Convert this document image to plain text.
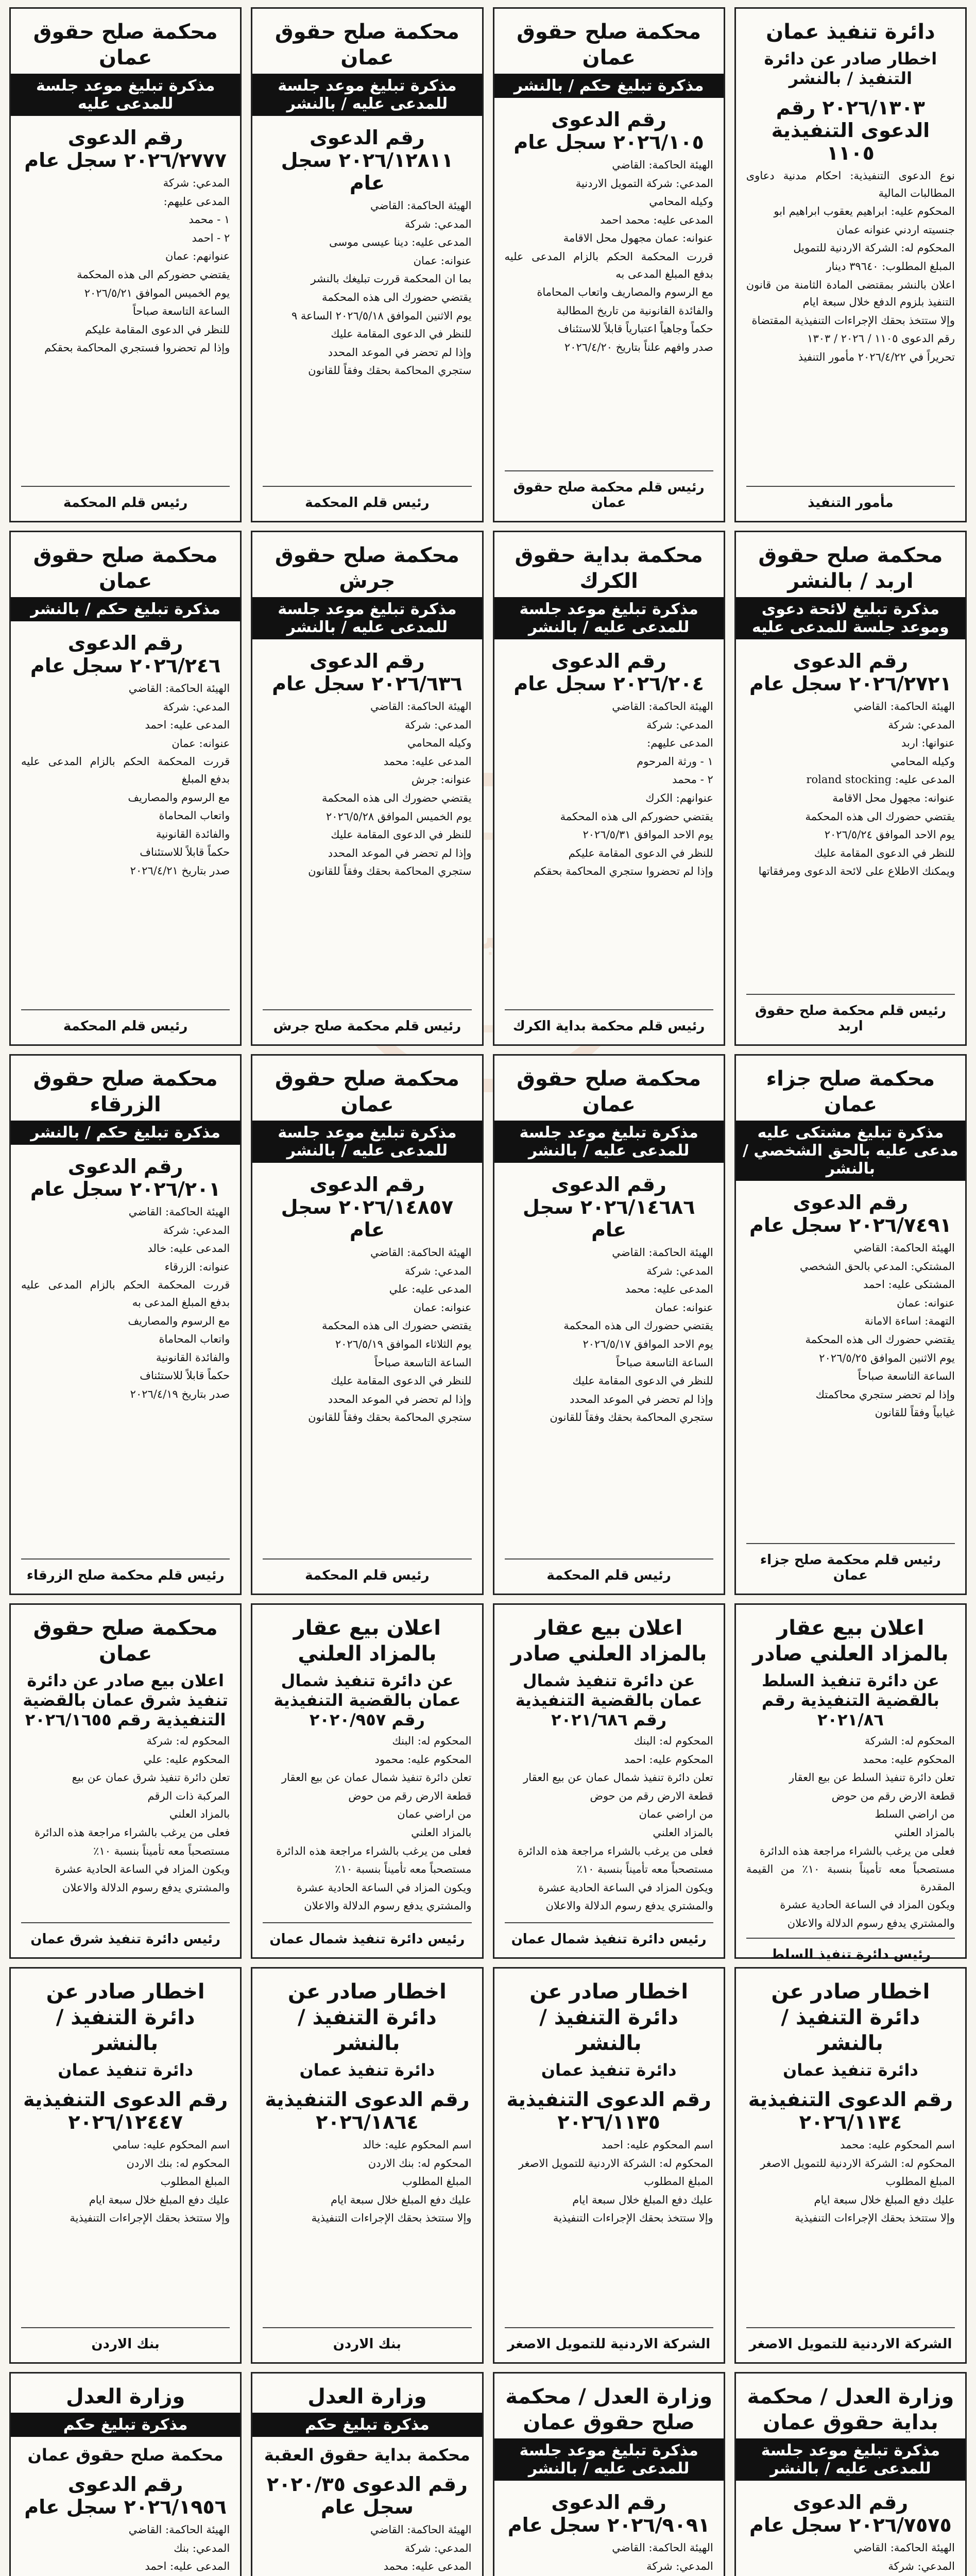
الأخبارية
دائرة تنفيذ عمان
اخطار صادر عن دائرة التنفيذ / بالنشر
٢٠٢٦/١٣٠٣ رقم الدعوى التنفيذية ١١٠٥
نوع الدعوى التنفيذية: احكام مدنية دعاوى المطالبات المالية
المحكوم عليه: ابراهيم يعقوب ابراهيم ابو
جنسيته اردني عنوانه عمان
المحكوم له: الشركة الاردنية للتمويل
المبلغ المطلوب: ٣٩٦٤٠ دينار
اعلان بالنشر بمقتضى المادة الثامنة من قانون التنفيذ بلزوم الدفع خلال سبعة ايام
وإلا ستتخذ بحقك الإجراءات التنفيذية المقتضاة
رقم الدعوى ١١٠٥ / ٢٠٢٦ / ١٣٠٣
تحريراً في ٢٠٢٦/٤/٢٢ مأمور التنفيذ
مأمور التنفيذ
محكمة صلح حقوق عمان
مذكرة تبليغ حكم / بالنشر
رقم الدعوى ٢٠٢٦/١٠٥ سجل عام
الهيئة الحاكمة: القاضي
المدعي: شركة التمويل الاردنية
وكيله المحامي
المدعى عليه: محمد احمد
عنوانه: عمان مجهول محل الاقامة
قررت المحكمة الحكم بالزام المدعى عليه بدفع المبلغ المدعى به
مع الرسوم والمصاريف واتعاب المحاماة
والفائدة القانونية من تاريخ المطالبة
حكماً وجاهياً اعتبارياً قابلاً للاستئناف
صدر وافهم علناً بتاريخ ٢٠٢٦/٤/٢٠
رئيس قلم محكمة صلح حقوق عمان
محكمة صلح حقوق عمان
مذكرة تبليغ موعد جلسة للمدعى عليه / بالنشر
رقم الدعوى ٢٠٢٦/١٢٨١١ سجل عام
الهيئة الحاكمة: القاضي
المدعي: شركة
المدعى عليه: دينا عيسى موسى
عنوانه: عمان
بما ان المحكمة قررت تبليغك بالنشر
يقتضي حضورك الى هذه المحكمة
يوم الاثنين الموافق ٢٠٢٦/٥/١٨ الساعة ٩
للنظر في الدعوى المقامة عليك
وإذا لم تحضر في الموعد المحدد
ستجري المحاكمة بحقك وفقاً للقانون
رئيس قلم المحكمة
محكمة صلح حقوق عمان
مذكرة تبليغ موعد جلسة للمدعى عليه
رقم الدعوى ٢٠٢٦/٢٧٧٧ سجل عام
المدعي: شركة
المدعى عليهم:
١ - محمد
٢ - احمد
عنوانهم: عمان
يقتضي حضوركم الى هذه المحكمة
يوم الخميس الموافق ٢٠٢٦/٥/٢١
الساعة التاسعة صباحاً
للنظر في الدعوى المقامة عليكم
وإذا لم تحضروا فستجري المحاكمة بحقكم
رئيس قلم المحكمة
محكمة صلح حقوق اربد / بالنشر
مذكرة تبليغ لائحة دعوى وموعد جلسة للمدعى عليه
رقم الدعوى ٢٠٢٦/٢٧٢١ سجل عام
الهيئة الحاكمة: القاضي
المدعي: شركة
عنوانها: اربد
وكيله المحامي
المدعى عليه: roland stocking
عنوانه: مجهول محل الاقامة
يقتضي حضورك الى هذه المحكمة
يوم الاحد الموافق ٢٠٢٦/٥/٢٤
للنظر في الدعوى المقامة عليك
ويمكنك الاطلاع على لائحة الدعوى ومرفقاتها
رئيس قلم محكمة صلح حقوق اربد
محكمة بداية حقوق الكرك
مذكرة تبليغ موعد جلسة للمدعى عليه / بالنشر
رقم الدعوى ٢٠٢٦/٢٠٤ سجل عام
الهيئة الحاكمة: القاضي
المدعي: شركة
المدعى عليهم:
١ - ورثة المرحوم
٢ - محمد
عنوانهم: الكرك
يقتضي حضوركم الى هذه المحكمة
يوم الاحد الموافق ٢٠٢٦/٥/٣١
للنظر في الدعوى المقامة عليكم
وإذا لم تحضروا ستجري المحاكمة بحقكم
رئيس قلم محكمة بداية الكرك
محكمة صلح حقوق جرش
مذكرة تبليغ موعد جلسة للمدعى عليه / بالنشر
رقم الدعوى ٢٠٢٦/٦٣٦ سجل عام
الهيئة الحاكمة: القاضي
المدعي: شركة
وكيله المحامي
المدعى عليه: محمد
عنوانه: جرش
يقتضي حضورك الى هذه المحكمة
يوم الخميس الموافق ٢٠٢٦/٥/٢٨
للنظر في الدعوى المقامة عليك
وإذا لم تحضر في الموعد المحدد
ستجري المحاكمة بحقك وفقاً للقانون
رئيس قلم محكمة صلح جرش
محكمة صلح حقوق عمان
مذكرة تبليغ حكم / بالنشر
رقم الدعوى ٢٠٢٦/٢٤٦ سجل عام
الهيئة الحاكمة: القاضي
المدعي: شركة
المدعى عليه: احمد
عنوانه: عمان
قررت المحكمة الحكم بالزام المدعى عليه بدفع المبلغ
مع الرسوم والمصاريف
واتعاب المحاماة
والفائدة القانونية
حكماً قابلاً للاستئناف
صدر بتاريخ ٢٠٢٦/٤/٢١
رئيس قلم المحكمة
محكمة صلح جزاء عمان
مذكرة تبليغ مشتكى عليه مدعى عليه بالحق الشخصي / بالنشر
رقم الدعوى ٢٠٢٦/٧٤٩١ سجل عام
الهيئة الحاكمة: القاضي
المشتكي: المدعي بالحق الشخصي
المشتكى عليه: احمد
عنوانه: عمان
التهمة: اساءة الامانة
يقتضي حضورك الى هذه المحكمة
يوم الاثنين الموافق ٢٠٢٦/٥/٢٥
الساعة التاسعة صباحاً
وإذا لم تحضر ستجري محاكمتك
غيابياً وفقاً للقانون
رئيس قلم محكمة صلح جزاء عمان
محكمة صلح حقوق عمان
مذكرة تبليغ موعد جلسة للمدعى عليه / بالنشر
رقم الدعوى ٢٠٢٦/١٤٦٨٦ سجل عام
الهيئة الحاكمة: القاضي
المدعي: شركة
المدعى عليه: محمد
عنوانه: عمان
يقتضي حضورك الى هذه المحكمة
يوم الاحد الموافق ٢٠٢٦/٥/١٧
الساعة التاسعة صباحاً
للنظر في الدعوى المقامة عليك
وإذا لم تحضر في الموعد المحدد
ستجري المحاكمة بحقك وفقاً للقانون
رئيس قلم المحكمة
محكمة صلح حقوق عمان
مذكرة تبليغ موعد جلسة للمدعى عليه / بالنشر
رقم الدعوى ٢٠٢٦/١٤٨٥٧ سجل عام
الهيئة الحاكمة: القاضي
المدعي: شركة
المدعى عليه: علي
عنوانه: عمان
يقتضي حضورك الى هذه المحكمة
يوم الثلاثاء الموافق ٢٠٢٦/٥/١٩
الساعة التاسعة صباحاً
للنظر في الدعوى المقامة عليك
وإذا لم تحضر في الموعد المحدد
ستجري المحاكمة بحقك وفقاً للقانون
رئيس قلم المحكمة
محكمة صلح حقوق الزرقاء
مذكرة تبليغ حكم / بالنشر
رقم الدعوى ٢٠٢٦/٢٠١ سجل عام
الهيئة الحاكمة: القاضي
المدعي: شركة
المدعى عليه: خالد
عنوانه: الزرقاء
قررت المحكمة الحكم بالزام المدعى عليه بدفع المبلغ المدعى به
مع الرسوم والمصاريف
واتعاب المحاماة
والفائدة القانونية
حكماً قابلاً للاستئناف
صدر بتاريخ ٢٠٢٦/٤/١٩
رئيس قلم محكمة صلح الزرقاء
اعلان بيع عقار بالمزاد العلني صادر
عن دائرة تنفيذ السلط بالقضية التنفيذية رقم ٢٠٢١/٨٦
المحكوم له: الشركة
المحكوم عليه: محمد
تعلن دائرة تنفيذ السلط عن بيع العقار
قطعة الارض رقم من حوض
من اراضي السلط
بالمزاد العلني
فعلى من يرغب بالشراء مراجعة هذه الدائرة
مستصحباً معه تأميناً بنسبة ١٠٪ من القيمة المقدرة
ويكون المزاد في الساعة الحادية عشرة
والمشتري يدفع رسوم الدلالة والاعلان
رئيس دائرة تنفيذ السلط
اعلان بيع عقار بالمزاد العلني صادر
عن دائرة تنفيذ شمال عمان بالقضية التنفيذية رقم ٢٠٢١/٦٨٦
المحكوم له: البنك
المحكوم عليه: احمد
تعلن دائرة تنفيذ شمال عمان عن بيع العقار
قطعة الارض رقم من حوض
من اراضي عمان
بالمزاد العلني
فعلى من يرغب بالشراء مراجعة هذه الدائرة
مستصحباً معه تأميناً بنسبة ١٠٪
ويكون المزاد في الساعة الحادية عشرة
والمشتري يدفع رسوم الدلالة والاعلان
رئيس دائرة تنفيذ شمال عمان
اعلان بيع عقار بالمزاد العلني
عن دائرة تنفيذ شمال عمان بالقضية التنفيذية رقم ٢٠٢٠/٩٥٧
المحكوم له: البنك
المحكوم عليه: محمود
تعلن دائرة تنفيذ شمال عمان عن بيع العقار
قطعة الارض رقم من حوض
من اراضي عمان
بالمزاد العلني
فعلى من يرغب بالشراء مراجعة هذه الدائرة
مستصحباً معه تأميناً بنسبة ١٠٪
ويكون المزاد في الساعة الحادية عشرة
والمشتري يدفع رسوم الدلالة والاعلان
رئيس دائرة تنفيذ شمال عمان
محكمة صلح حقوق عمان
اعلان بيع صادر عن دائرة تنفيذ شرق عمان بالقضية التنفيذية رقم ٢٠٢٦/١٦٥٥
المحكوم له: شركة
المحكوم عليه: علي
تعلن دائرة تنفيذ شرق عمان عن بيع
المركبة ذات الرقم
بالمزاد العلني
فعلى من يرغب بالشراء مراجعة هذه الدائرة
مستصحباً معه تأميناً بنسبة ١٠٪
ويكون المزاد في الساعة الحادية عشرة
والمشتري يدفع رسوم الدلالة والاعلان
رئيس دائرة تنفيذ شرق عمان
اخطار صادر عن دائرة التنفيذ / بالنشر
دائرة تنفيذ عمان
رقم الدعوى التنفيذية ٢٠٢٦/١١٣٤
اسم المحكوم عليه: محمد
المحكوم له: الشركة الاردنية للتمويل الاصغر
المبلغ المطلوب
عليك دفع المبلغ خلال سبعة ايام
وإلا ستتخذ بحقك الإجراءات التنفيذية
الشركة الاردنية للتمويل الاصغر
اخطار صادر عن دائرة التنفيذ / بالنشر
دائرة تنفيذ عمان
رقم الدعوى التنفيذية ٢٠٢٦/١١٣٥
اسم المحكوم عليه: احمد
المحكوم له: الشركة الاردنية للتمويل الاصغر
المبلغ المطلوب
عليك دفع المبلغ خلال سبعة ايام
وإلا ستتخذ بحقك الإجراءات التنفيذية
الشركة الاردنية للتمويل الاصغر
اخطار صادر عن دائرة التنفيذ / بالنشر
دائرة تنفيذ عمان
رقم الدعوى التنفيذية ٢٠٢٦/١٨٦٤
اسم المحكوم عليه: خالد
المحكوم له: بنك الاردن
المبلغ المطلوب
عليك دفع المبلغ خلال سبعة ايام
وإلا ستتخذ بحقك الإجراءات التنفيذية
بنك الاردن
اخطار صادر عن دائرة التنفيذ / بالنشر
دائرة تنفيذ عمان
رقم الدعوى التنفيذية ٢٠٢٦/١٢٤٤٧
اسم المحكوم عليه: سامي
المحكوم له: بنك الاردن
المبلغ المطلوب
عليك دفع المبلغ خلال سبعة ايام
وإلا ستتخذ بحقك الإجراءات التنفيذية
بنك الاردن
وزارة العدل / محكمة بداية حقوق عمان
مذكرة تبليغ موعد جلسة للمدعى عليه / بالنشر
رقم الدعوى ٢٠٢٦/٧٥٧٥ سجل عام
الهيئة الحاكمة: القاضي
المدعي: شركة
وزارة العدل / محكمة صلح حقوق عمان
مذكرة تبليغ موعد جلسة للمدعى عليه / بالنشر
رقم الدعوى ٢٠٢٦/٩٠٩١ سجل عام
الهيئة الحاكمة: القاضي
المدعي: شركة
وزارة العدل
مذكرة تبليغ حكم
محكمة بداية حقوق العقبة
رقم الدعوى ٢٠٢٠/٣٥ سجل عام
الهيئة الحاكمة: القاضي
المدعي: شركة
المدعى عليه: محمد
وزارة العدل
مذكرة تبليغ حكم
محكمة صلح حقوق عمان
رقم الدعوى ٢٠٢٦/١٩٥٦ سجل عام
الهيئة الحاكمة: القاضي
المدعي: بنك
المدعى عليه: احمد
